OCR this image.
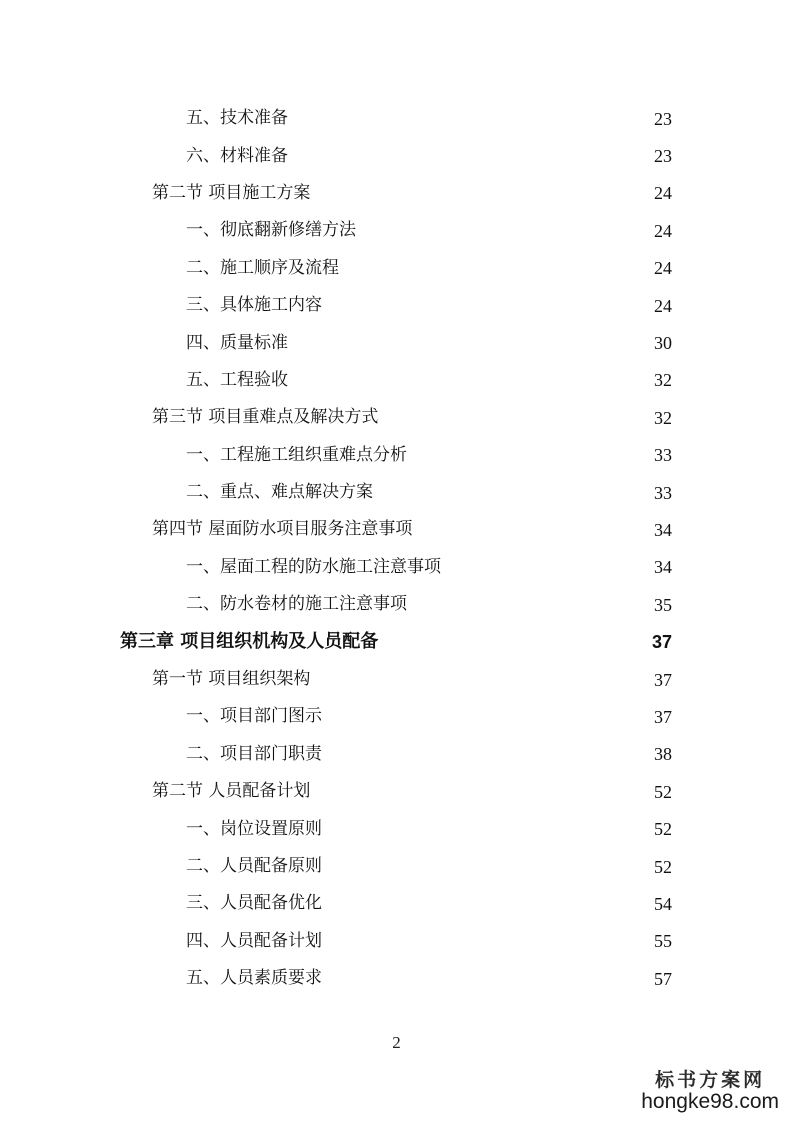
五、技术准备	23
六、材料准备	23
第二节 项目施工方案	24
一、彻底翻新修缮方法	24
二、施工顺序及流程	24
三、具体施工内容	24
四、质量标准	30
五、工程验收	32
第三节 项目重难点及解决方式	32
一、工程施工组织重难点分析	33
二、重点、难点解决方案	33
第四节 屋面防水项目服务注意事项	34
一、屋面工程的防水施工注意事项	34
二、防水卷材的施工注意事项	35
第三章 项目组织机构及人员配备	37
第一节 项目组织架构	37
一、项目部门图示	37
二、项目部门职责	38
第二节 人员配备计划	52
一、岗位设置原则	52
二、人员配备原则	52
三、人员配备优化	54
四、人员配备计划	55
五、人员素质要求	57
2
标书方案网
hongke98.com
